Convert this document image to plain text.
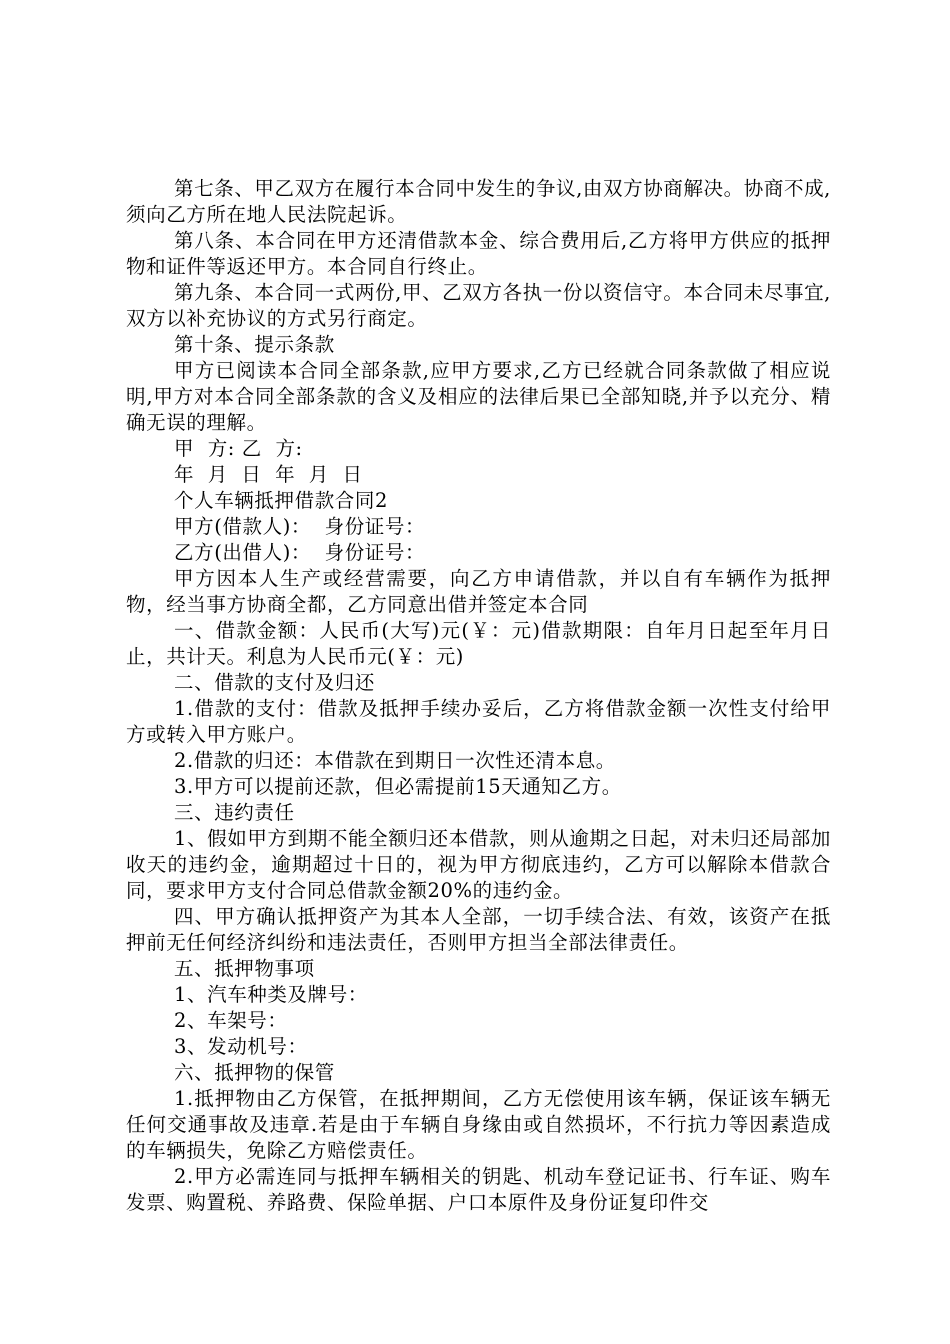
第七条、甲乙双方在履行本合同中发生的争议,由双方协商解决。协商不成,须向乙方所在地人民法院起诉。

第八条、本合同在甲方还清借款本金、综合费用后,乙方将甲方供应的抵押物和证件等返还甲方。本合同自行终止。

第九条、本合同一式两份,甲、乙双方各执一份以资信守。本合同未尽事宜,双方以补充协议的方式另行商定。

第十条、提示条款

甲方已阅读本合同全部条款,应甲方要求,乙方已经就合同条款做了相应说明,甲方对本合同全部条款的含义及相应的法律后果已全部知晓,并予以充分、精确无误的理解。

甲  方: 乙  方:

年  月  日  年  月  日

个人车辆抵押借款合同2

甲方(借款人)：  身份证号：

乙方(出借人)：  身份证号：

甲方因本人生产或经营需要，向乙方申请借款，并以自有车辆作为抵押物，经当事方协商全都，乙方同意出借并签定本合同

一、借款金额：人民币(大写)元(￥：元)借款期限：自年月日起至年月日止，共计天。利息为人民币元(￥：元)

二、借款的支付及归还

1.借款的支付：借款及抵押手续办妥后，乙方将借款金额一次性支付给甲方或转入甲方账户。

2.借款的归还：本借款在到期日一次性还清本息。

3.甲方可以提前还款，但必需提前15天通知乙方。

三、违约责任

1、假如甲方到期不能全额归还本借款，则从逾期之日起，对未归还局部加收天的违约金，逾期超过十日的，视为甲方彻底违约，乙方可以解除本借款合同，要求甲方支付合同总借款金额20%的违约金。

四、甲方确认抵押资产为其本人全部，一切手续合法、有效，该资产在抵押前无任何经济纠纷和违法责任，否则甲方担当全部法律责任。

五、抵押物事项

1、汽车种类及牌号：

2、车架号：

3、发动机号：

六、抵押物的保管

1.抵押物由乙方保管，在抵押期间，乙方无偿使用该车辆，保证该车辆无任何交通事故及违章.若是由于车辆自身缘由或自然损坏，不行抗力等因素造成的车辆损失，免除乙方赔偿责任。

2.甲方必需连同与抵押车辆相关的钥匙、机动车登记证书、行车证、购车发票、购置税、养路费、保险单据、户口本原件及身份证复印件交
